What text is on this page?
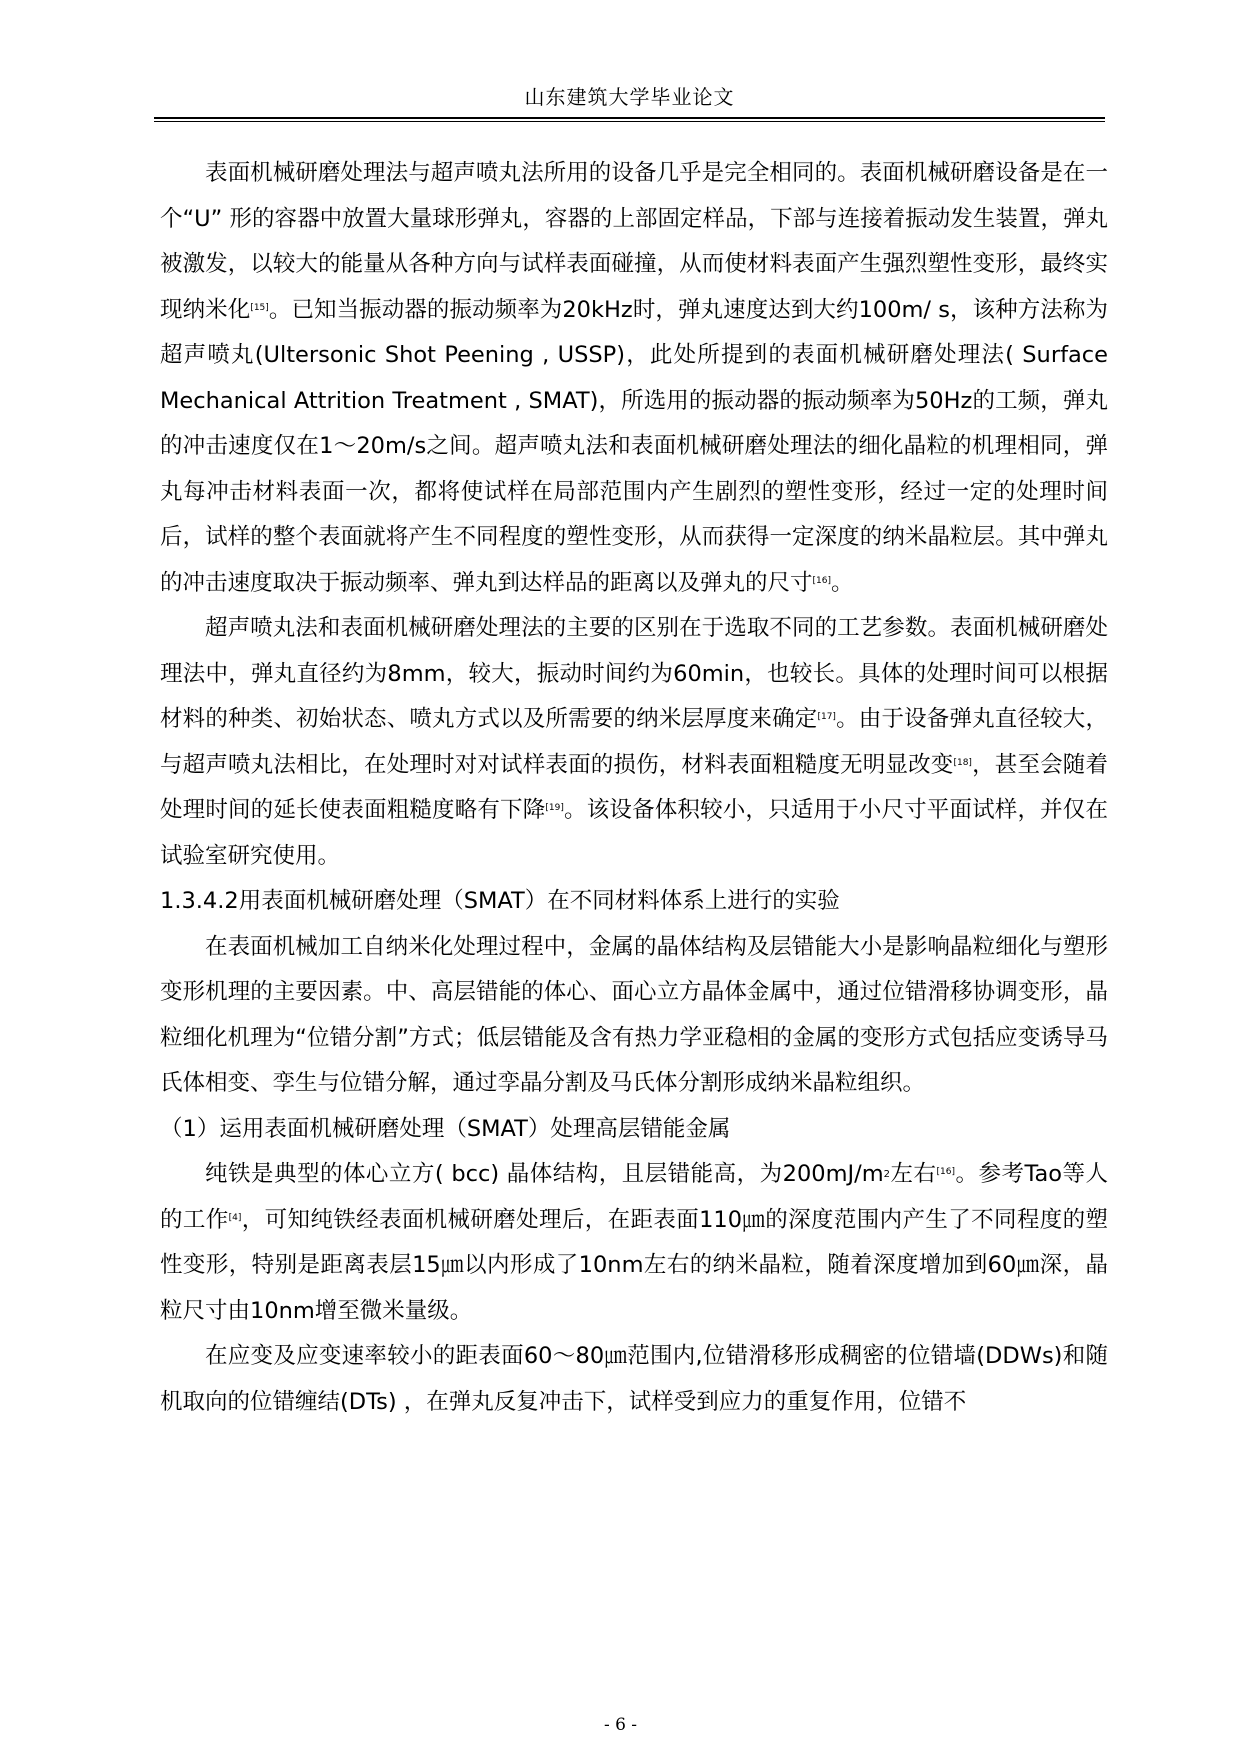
山东建筑大学毕业论文

表面机械研磨处理法与超声喷丸法所用的设备几乎是完全相同的。表面机械研磨设备是在一个“U” 形的容器中放置大量球形弹丸，容器的上部固定样品，下部与连接着振动发生装置，弹丸被激发，以较大的能量从各种方向与试样表面碰撞，从而使材料表面产生强烈塑性变形，最终实现纳米化[15]。已知当振动器的振动频率为20kHz时，弹丸速度达到大约100m/ s，该种方法称为超声喷丸(Ultersonic Shot Peening , USSP)，此处所提到的表面机械研磨处理法( Surface Mechanical Attrition Treatment , SMAT)，所选用的振动器的振动频率为50Hz的工频，弹丸的冲击速度仅在1～20m/s之间。超声喷丸法和表面机械研磨处理法的细化晶粒的机理相同，弹丸每冲击材料表面一次，都将使试样在局部范围内产生剧烈的塑性变形，经过一定的处理时间后，试样的整个表面就将产生不同程度的塑性变形，从而获得一定深度的纳米晶粒层。其中弹丸的冲击速度取决于振动频率、弹丸到达样品的距离以及弹丸的尺寸[16]。

超声喷丸法和表面机械研磨处理法的主要的区别在于选取不同的工艺参数。表面机械研磨处理法中，弹丸直径约为8mm，较大，振动时间约为60min，也较长。具体的处理时间可以根据材料的种类、初始状态、喷丸方式以及所需要的纳米层厚度来确定[17]。由于设备弹丸直径较大，与超声喷丸法相比，在处理时对对试样表面的损伤，材料表面粗糙度无明显改变[18]，甚至会随着处理时间的延长使表面粗糙度略有下降[19]。该设备体积较小，只适用于小尺寸平面试样，并仅在试验室研究使用。

1.3.4.2用表面机械研磨处理（SMAT）在不同材料体系上进行的实验

在表面机械加工自纳米化处理过程中，金属的晶体结构及层错能大小是影响晶粒细化与塑形变形机理的主要因素。中、高层错能的体心、面心立方晶体金属中，通过位错滑移协调变形，晶粒细化机理为“位错分割”方式；低层错能及含有热力学亚稳相的金属的变形方式包括应变诱导马氏体相变、孪生与位错分解，通过孪晶分割及马氏体分割形成纳米晶粒组织。

（1）运用表面机械研磨处理（SMAT）处理高层错能金属

纯铁是典型的体心立方( bcc) 晶体结构，且层错能高，为$200mJ/m^2$左右[16]。参考Tao等人的工作[4]，可知纯铁经表面机械研磨处理后，在距表面110㎛的深度范围内产生了不同程度的塑性变形，特别是距离表层15㎛以内形成了10nm左右的纳米晶粒，随着深度增加到60㎛深，晶粒尺寸由10nm增至微米量级。

在应变及应变速率较小的距表面60～80㎛范围内,位错滑移形成稠密的位错墙(DDWs)和随机取向的位错缠结(DTs) ，在弹丸反复冲击下，试样受到应力的重复作用，位错不

- 6 -
